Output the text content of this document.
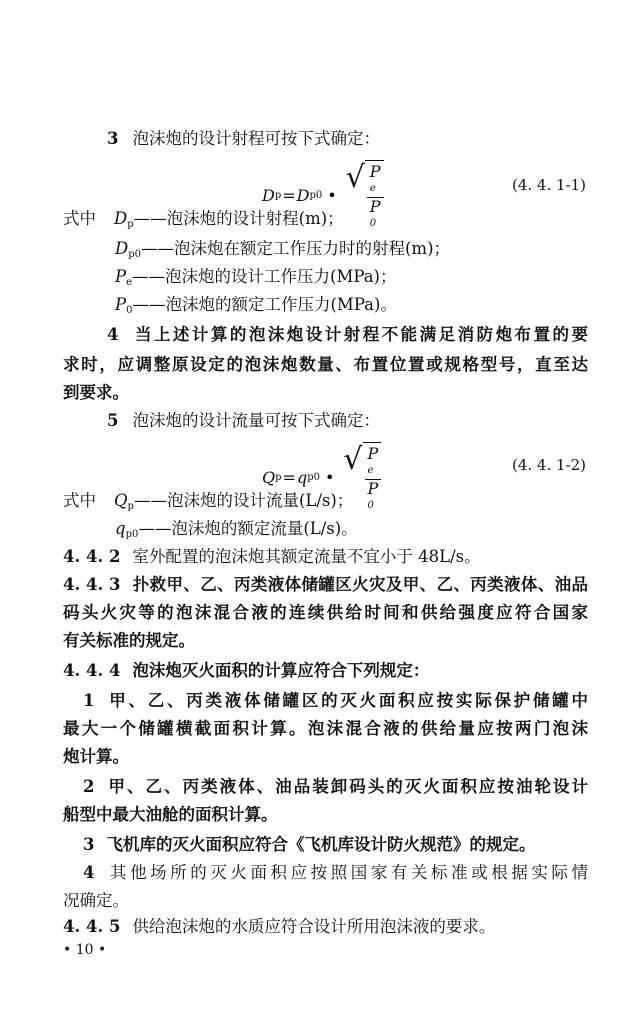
3 泡沫炮的设计射程可按下式确定：
D p = D p0 •
√ P
e
P
0	(4. 4. 1-1)
式中 $D_p——$泡沫炮的设计射程(m)；
$D_{p0}——$泡沫炮在额定工作压力时的射程(m)；
$P_e——$泡沫炮的设计工作压力(MPa)；
$P_0——$泡沫炮的额定工作压力(MPa)。
4 当上述计算的泡沫炮设计射程不能满足消防炮布置的要
求时，应调整原设定的泡沫炮数量、布置位置或规格型号，直至达
到要求。
5 泡沫炮的设计流量可按下式确定：
Q p = q p0 •
√ P
e
P
0	(4. 4. 1-2)
式中 $Q_p——$泡沫炮的设计流量(L/s)；
$q_{p0}——$泡沫炮的额定流量(L/s)。
4. 4. 2 室外配置的泡沫炮其额定流量不宜小于 48L/s。
4. 4. 3 扑救甲、乙、丙类液体储罐区火灾及甲、乙、丙类液体、油品
码头火灾等的泡沫混合液的连续供给时间和供给强度应符合国家
有关标准的规定。
4. 4. 4 泡沫炮灭火面积的计算应符合下列规定：
1 甲、乙、丙类液体储罐区的灭火面积应按实际保护储罐中
最大一个储罐横截面积计算。泡沫混合液的供给量应按两门泡沫
炮计算。
2 甲、乙、丙类液体、油品装卸码头的灭火面积应按油轮设计
船型中最大油舱的面积计算。
3 飞机库的灭火面积应符合《飞机库设计防火规范》的规定。
4 其他场所的灭火面积应按照国家有关标准或根据实际情
况确定。
4. 4. 5 供给泡沫炮的水质应符合设计所用泡沫液的要求。
• 10 •
